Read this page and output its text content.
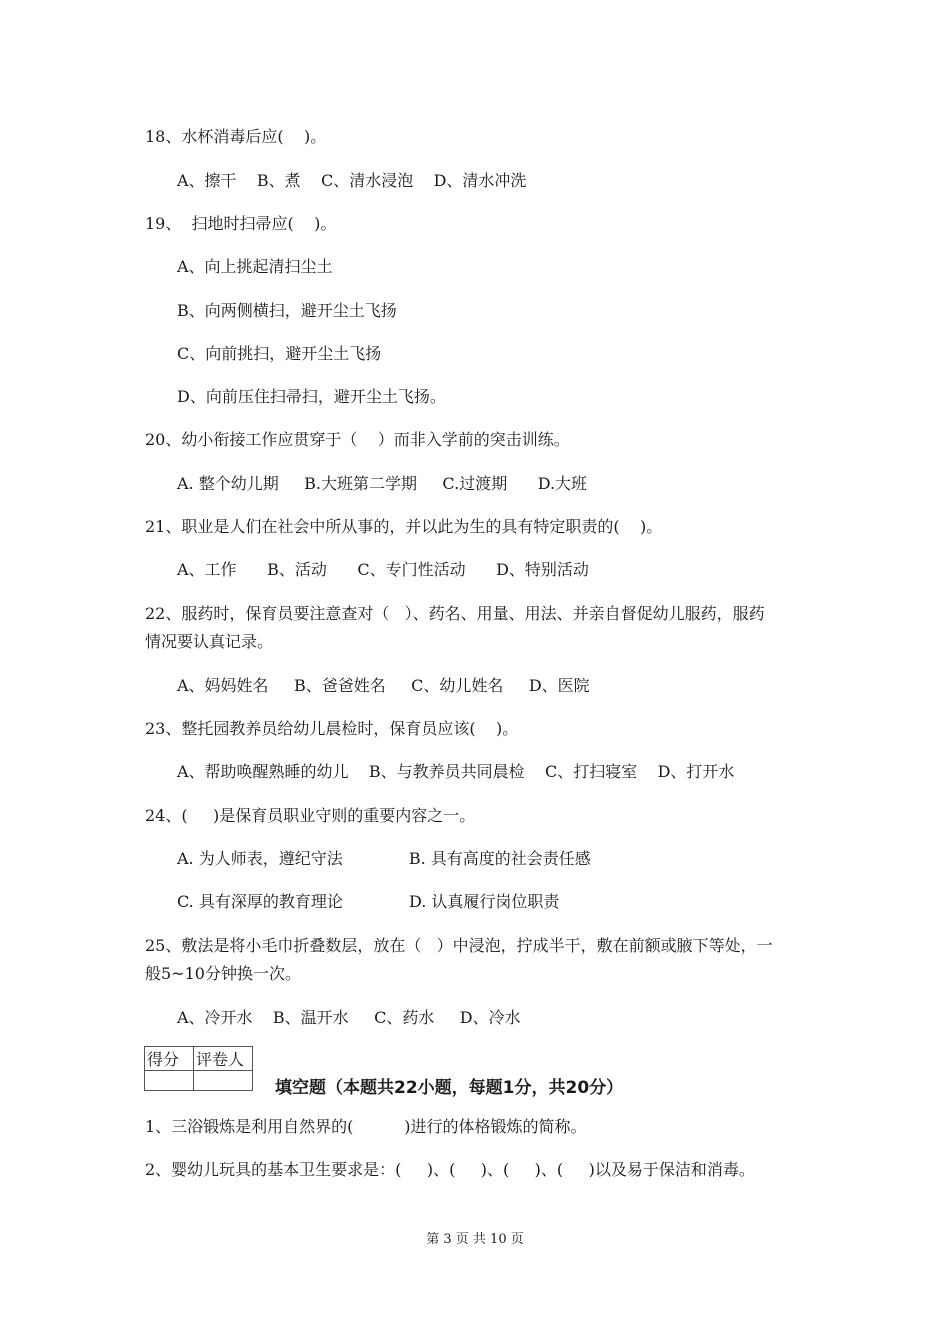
18、水杯消毒后应(    )。
A、擦干    B、煮    C、清水浸泡    D、清水冲洗
19、  扫地时扫帚应(    )。
A、向上挑起清扫尘土
B、向两侧横扫，避开尘土飞扬
C、向前挑扫，避开尘土飞扬
D、向前压住扫帚扫，避开尘土飞扬。
20、幼小衔接工作应贯穿于（    ）而非入学前的突击训练。
A. 整个幼儿期     B.大班第二学期     C.过渡期      D.大班
21、职业是人们在社会中所从事的，并以此为生的具有特定职责的(    )。
A、工作      B、活动      C、专门性活动      D、特别活动
22、服药时，保育员要注意查对（   ）、药名、用量、用法、并亲自督促幼儿服药，服药
情况要认真记录。
A、妈妈姓名     B、爸爸姓名     C、幼儿姓名     D、医院
23、整托园教养员给幼儿晨检时，保育员应该(    )。
A、帮助唤醒熟睡的幼儿    B、与教养员共同晨检    C、打扫寝室    D、打开水
24、(     )是保育员职业守则的重要内容之一。
A. 为人师表，遵纪守法             B. 具有高度的社会责任感
C. 具有深厚的教育理论             D. 认真履行岗位职责
25、敷法是将小毛巾折叠数层，放在（   ）中浸泡，拧成半干，敷在前额或腋下等处，一
般5~10分钟换一次。
A、冷开水    B、温开水     C、药水     D、冷水
得分	评卷人

填空题（本题共22小题，每题1分，共20分）
1、三浴锻炼是利用自然界的(          )进行的体格锻炼的简称。
2、婴幼儿玩具的基本卫生要求是：(     )、(     )、(     )、(     )以及易于保洁和消毒。
第 3 页 共 10 页
